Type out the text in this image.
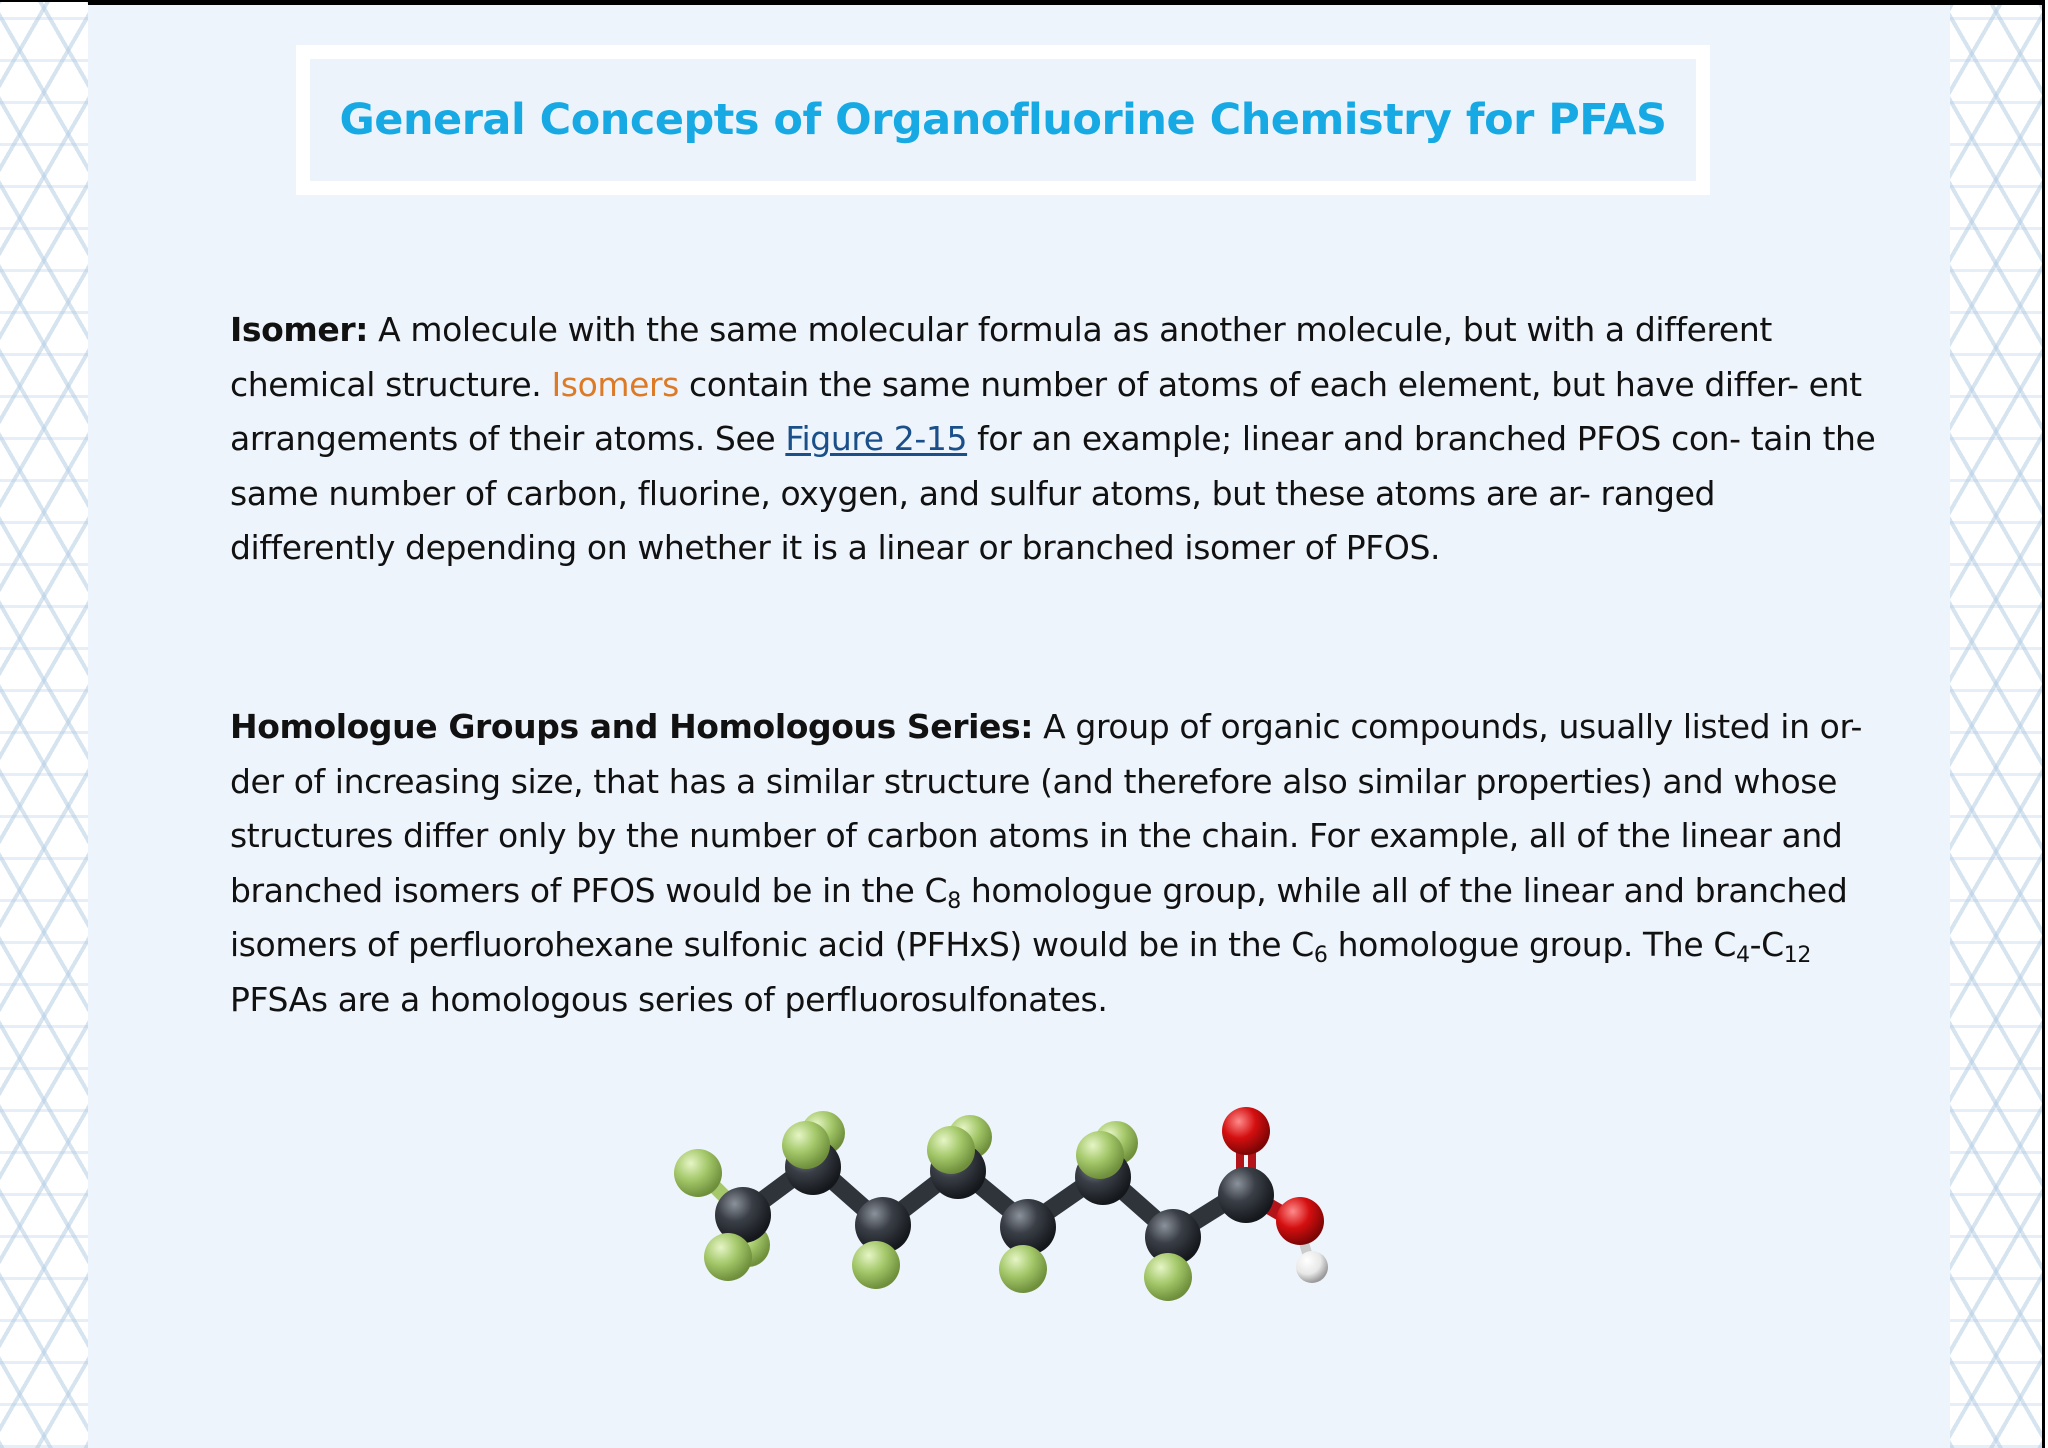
General Concepts of Organofluorine Chemistry for PFAS

Isomer: A molecule with the same molecular formula as another molecule, but with a different chemical structure. Isomers contain the same number of atoms of each element, but have differ- ent arrangements of their atoms. See Figure 2-15 for an example; linear and branched PFOS con- tain the same number of carbon, fluorine, oxygen, and sulfur atoms, but these atoms are ar- ranged differently depending on whether it is a linear or branched isomer of PFOS.

Homologue Groups and Homologous Series: A group of organic compounds, usually listed in or- der of increasing size, that has a similar structure (and therefore also similar properties) and whose structures differ only by the number of carbon atoms in the chain. For example, all of the linear and branched isomers of PFOS would be in the $C_8$ homologue group, while all of the linear and branched isomers of perfluorohexane sulfonic acid (PFHxS) would be in the $C_6$ homologue group. The $C_4-C_{12}$ PFSAs are a homologous series of perfluorosulfonates.
